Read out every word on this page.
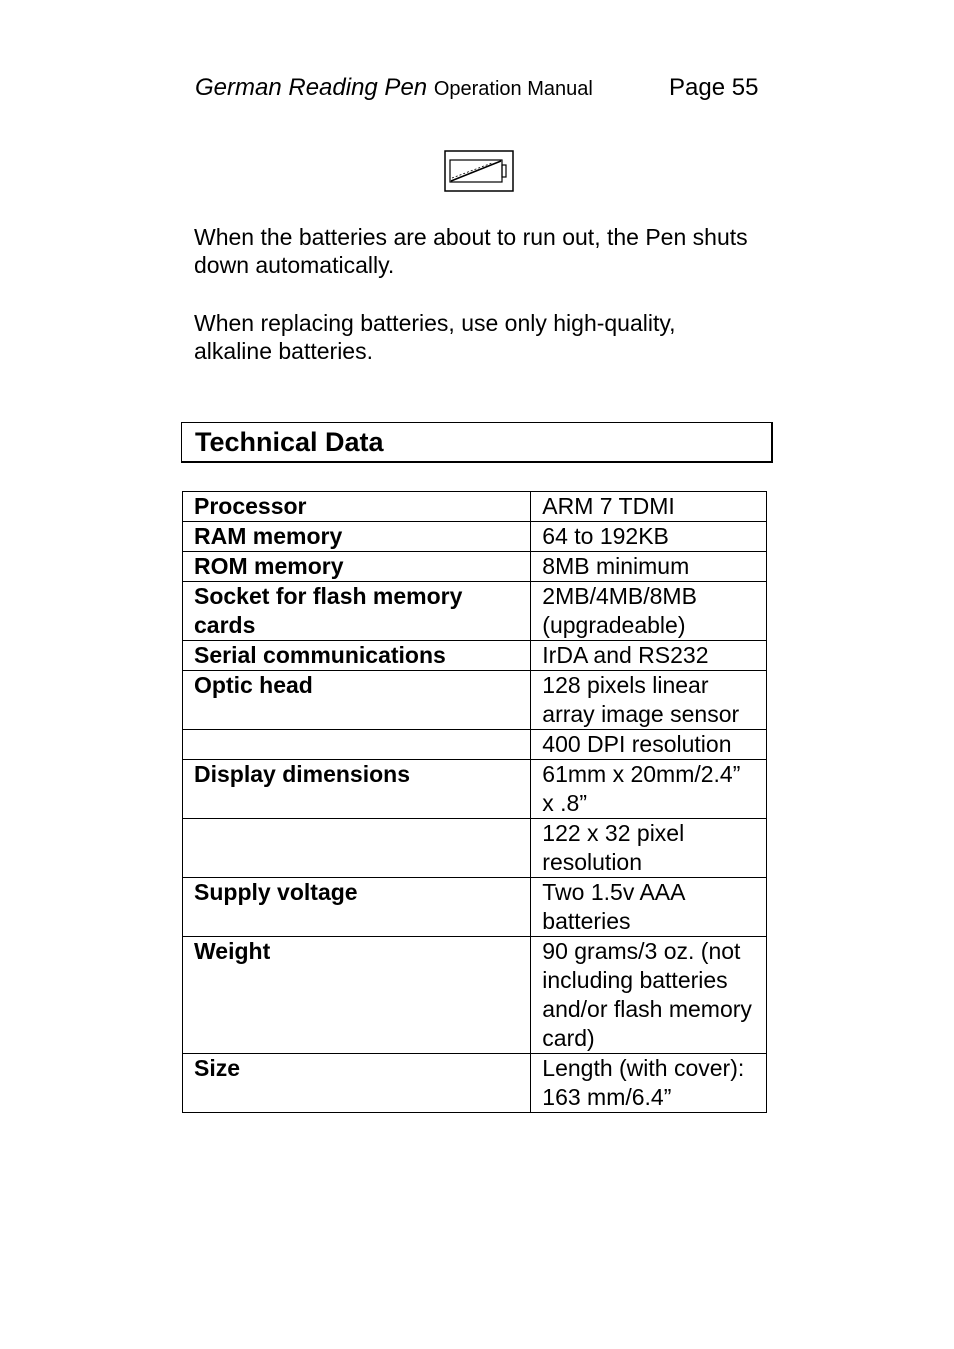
German Reading Pen Operation Manual	Page 55

When the batteries are about to run out, the Pen shuts down automatically.

When replacing batteries, use only high-quality, alkaline batteries.

Technical Data
Processor	ARM 7 TDMI
RAM memory	64 to 192KB
ROM memory	8MB minimum
Socket for flash memory cards	2MB/4MB/8MB (upgradeable)
Serial communications	IrDA and RS232
Optic head	128 pixels linear array image sensor
	400 DPI resolution
Display dimensions	61mm x 20mm/2.4” x .8”
	122 x 32 pixel resolution
Supply voltage	Two 1.5v AAA batteries
Weight	90 grams/3 oz. (not including batteries and/or flash memory card)
Size	Length (with cover): 163 mm/6.4”
